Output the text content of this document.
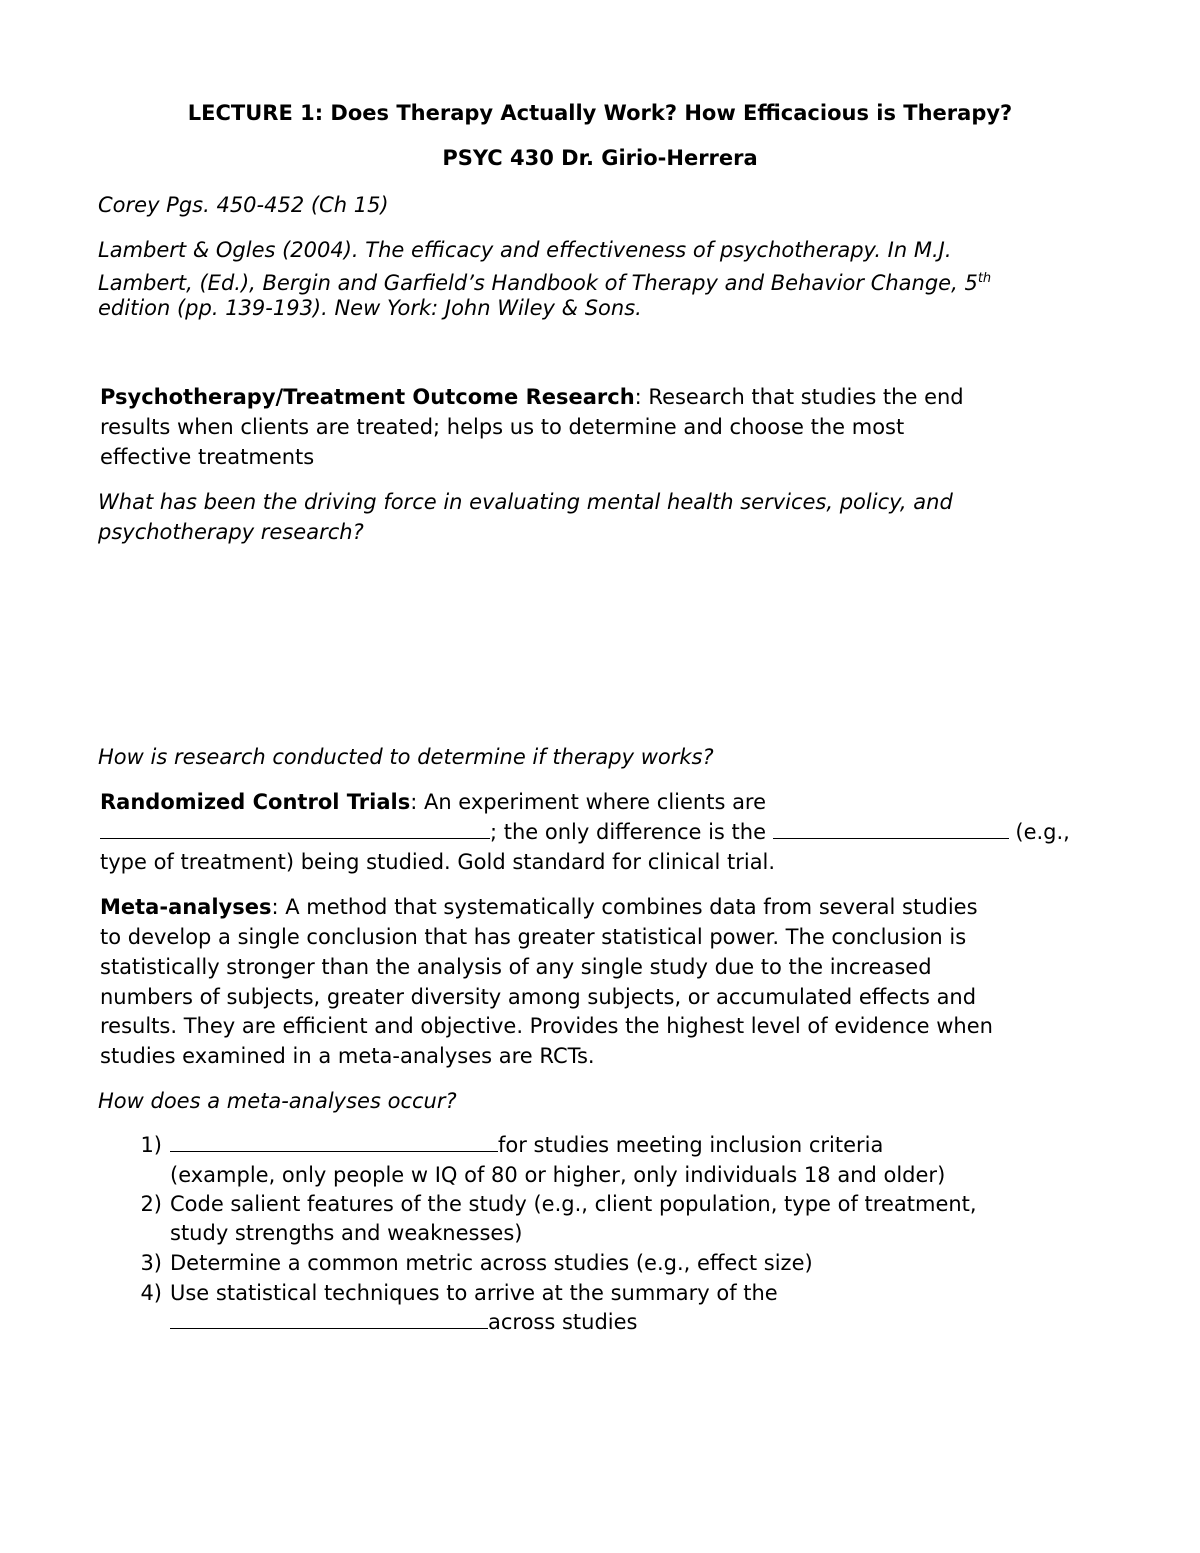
LECTURE 1: Does Therapy Actually Work? How Efficacious is Therapy?
PSYC 430 Dr. Girio-Herrera
Corey Pgs. 450-452 (Ch 15)
Lambert & Ogles (2004). The efficacy and effectiveness of psychotherapy. In M.J.
Lambert, (Ed.), Bergin and Garfield’s Handbook of Therapy and Behavior Change, 5th
edition (pp. 139-193). New York: John Wiley & Sons.
Psychotherapy/Treatment Outcome Research: Research that studies the end
results when clients are treated; helps us to determine and choose the most
effective treatments
What has been the driving force in evaluating mental health services, policy, and
psychotherapy research?
How is research conducted to determine if therapy works?
Randomized Control Trials: An experiment where clients are
; the only difference is the	(e.g.,
type of treatment) being studied. Gold standard for clinical trial.
Meta-analyses: A method that systematically combines data from several studies
to develop a single conclusion that has greater statistical power. The conclusion is
statistically stronger than the analysis of any single study due to the increased
numbers of subjects, greater diversity among subjects, or accumulated effects and
results. They are efficient and objective. Provides the highest level of evidence when
studies examined in a meta-analyses are RCTs.
How does a meta-analyses occur?
1)	for studies meeting inclusion criteria
(example, only people w IQ of 80 or higher, only individuals 18 and older)
2) Code salient features of the study (e.g., client population, type of treatment,
study strengths and weaknesses)
3) Determine a common metric across studies (e.g., effect size)
4) Use statistical techniques to arrive at the summary of the
across studies
